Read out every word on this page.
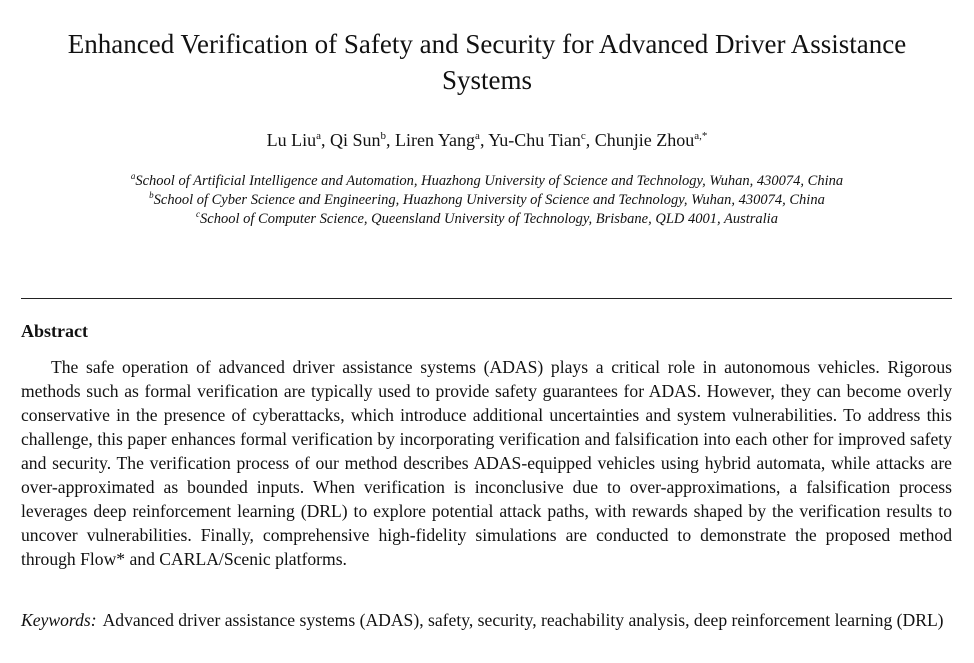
Enhanced Verification of Safety and Security for Advanced Driver Assistance Systems
Lu Liu$^a$, Qi Sun$^b$, Liren Yang$^a$, Yu-Chu Tian$^c$, Chunjie Zhou$^{a,*}$
$^a$School of Artificial Intelligence and Automation, Huazhong University of Science and Technology, Wuhan, 430074, China
$^b$School of Cyber Science and Engineering, Huazhong University of Science and Technology, Wuhan, 430074, China
$^c$School of Computer Science, Queensland University of Technology, Brisbane, QLD 4001, Australia
Abstract

The safe operation of advanced driver assistance systems (ADAS) plays a critical role in autonomous vehicles. Rigorous methods such as formal verification are typically used to provide safety guarantees for ADAS. However, they can become overly conservative in the presence of cyberattacks, which introduce additional uncertainties and system vulnerabilities. To address this challenge, this paper enhances formal verification by incorporating verification and falsification into each other for improved safety and security. The verification process of our method describes ADAS-equipped vehicles using hybrid automata, while attacks are over-approximated as bounded inputs. When verification is inconclusive due to over-approximations, a falsification process leverages deep reinforcement learning (DRL) to explore potential attack paths, with rewards shaped by the verification results to uncover vulnerabilities. Finally, comprehensive high-fidelity simulations are conducted to demonstrate the proposed method through Flow* and CARLA/Scenic platforms.

Keywords: Advanced driver assistance systems (ADAS), safety, security, reachability analysis, deep reinforcement learning (DRL)
